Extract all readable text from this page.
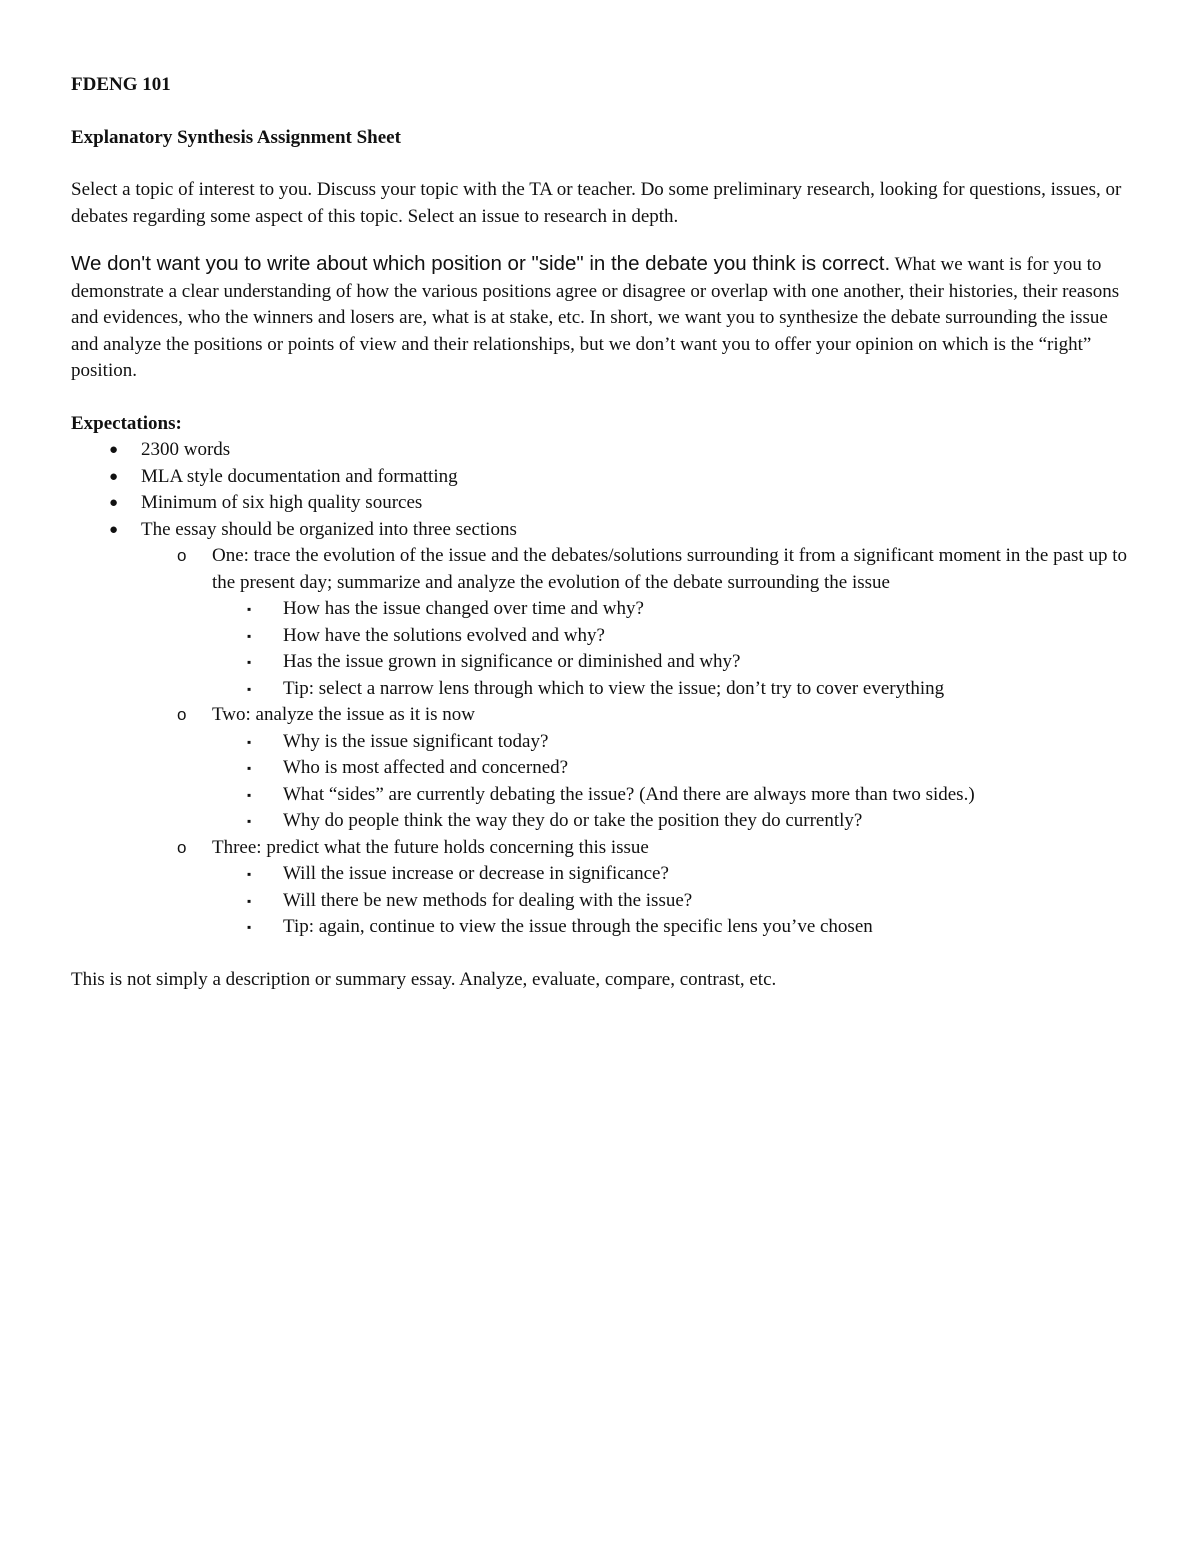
FDENG 101
Explanatory Synthesis Assignment Sheet

Select a topic of interest to you. Discuss your topic with the TA or teacher. Do some preliminary research, looking for questions, issues, or debates regarding some aspect of this topic. Select an issue to research in depth.

We don't want you to write about which position or "side" in the debate you think is correct. What we want is for you to demonstrate a clear understanding of how the various positions agree or disagree or overlap with one another, their histories, their reasons and evidences, who the winners and losers are, what is at stake, etc. In short, we want you to synthesize the debate surrounding the issue and analyze the positions or points of view and their relationships, but we don’t want you to offer your opinion on which is the “right” position.

Expectations:
● 2300 words
● MLA style documentation and formatting
● Minimum of six high quality sources
● The essay should be organized into three sections
o One: trace the evolution of the issue and the debates/solutions surrounding it from a significant moment in the past up to the present day; summarize and analyze the evolution of the debate surrounding the issue
▪ How has the issue changed over time and why?
▪ How have the solutions evolved and why?
▪ Has the issue grown in significance or diminished and why?
▪ Tip: select a narrow lens through which to view the issue; don’t try to cover everything
o Two: analyze the issue as it is now
▪ Why is the issue significant today?
▪ Who is most affected and concerned?
▪ What “sides” are currently debating the issue? (And there are always more than two sides.)
▪ Why do people think the way they do or take the position they do currently?
o Three: predict what the future holds concerning this issue
▪ Will the issue increase or decrease in significance?
▪ Will there be new methods for dealing with the issue?
▪ Tip: again, continue to view the issue through the specific lens you’ve chosen

This is not simply a description or summary essay. Analyze, evaluate, compare, contrast, etc.
